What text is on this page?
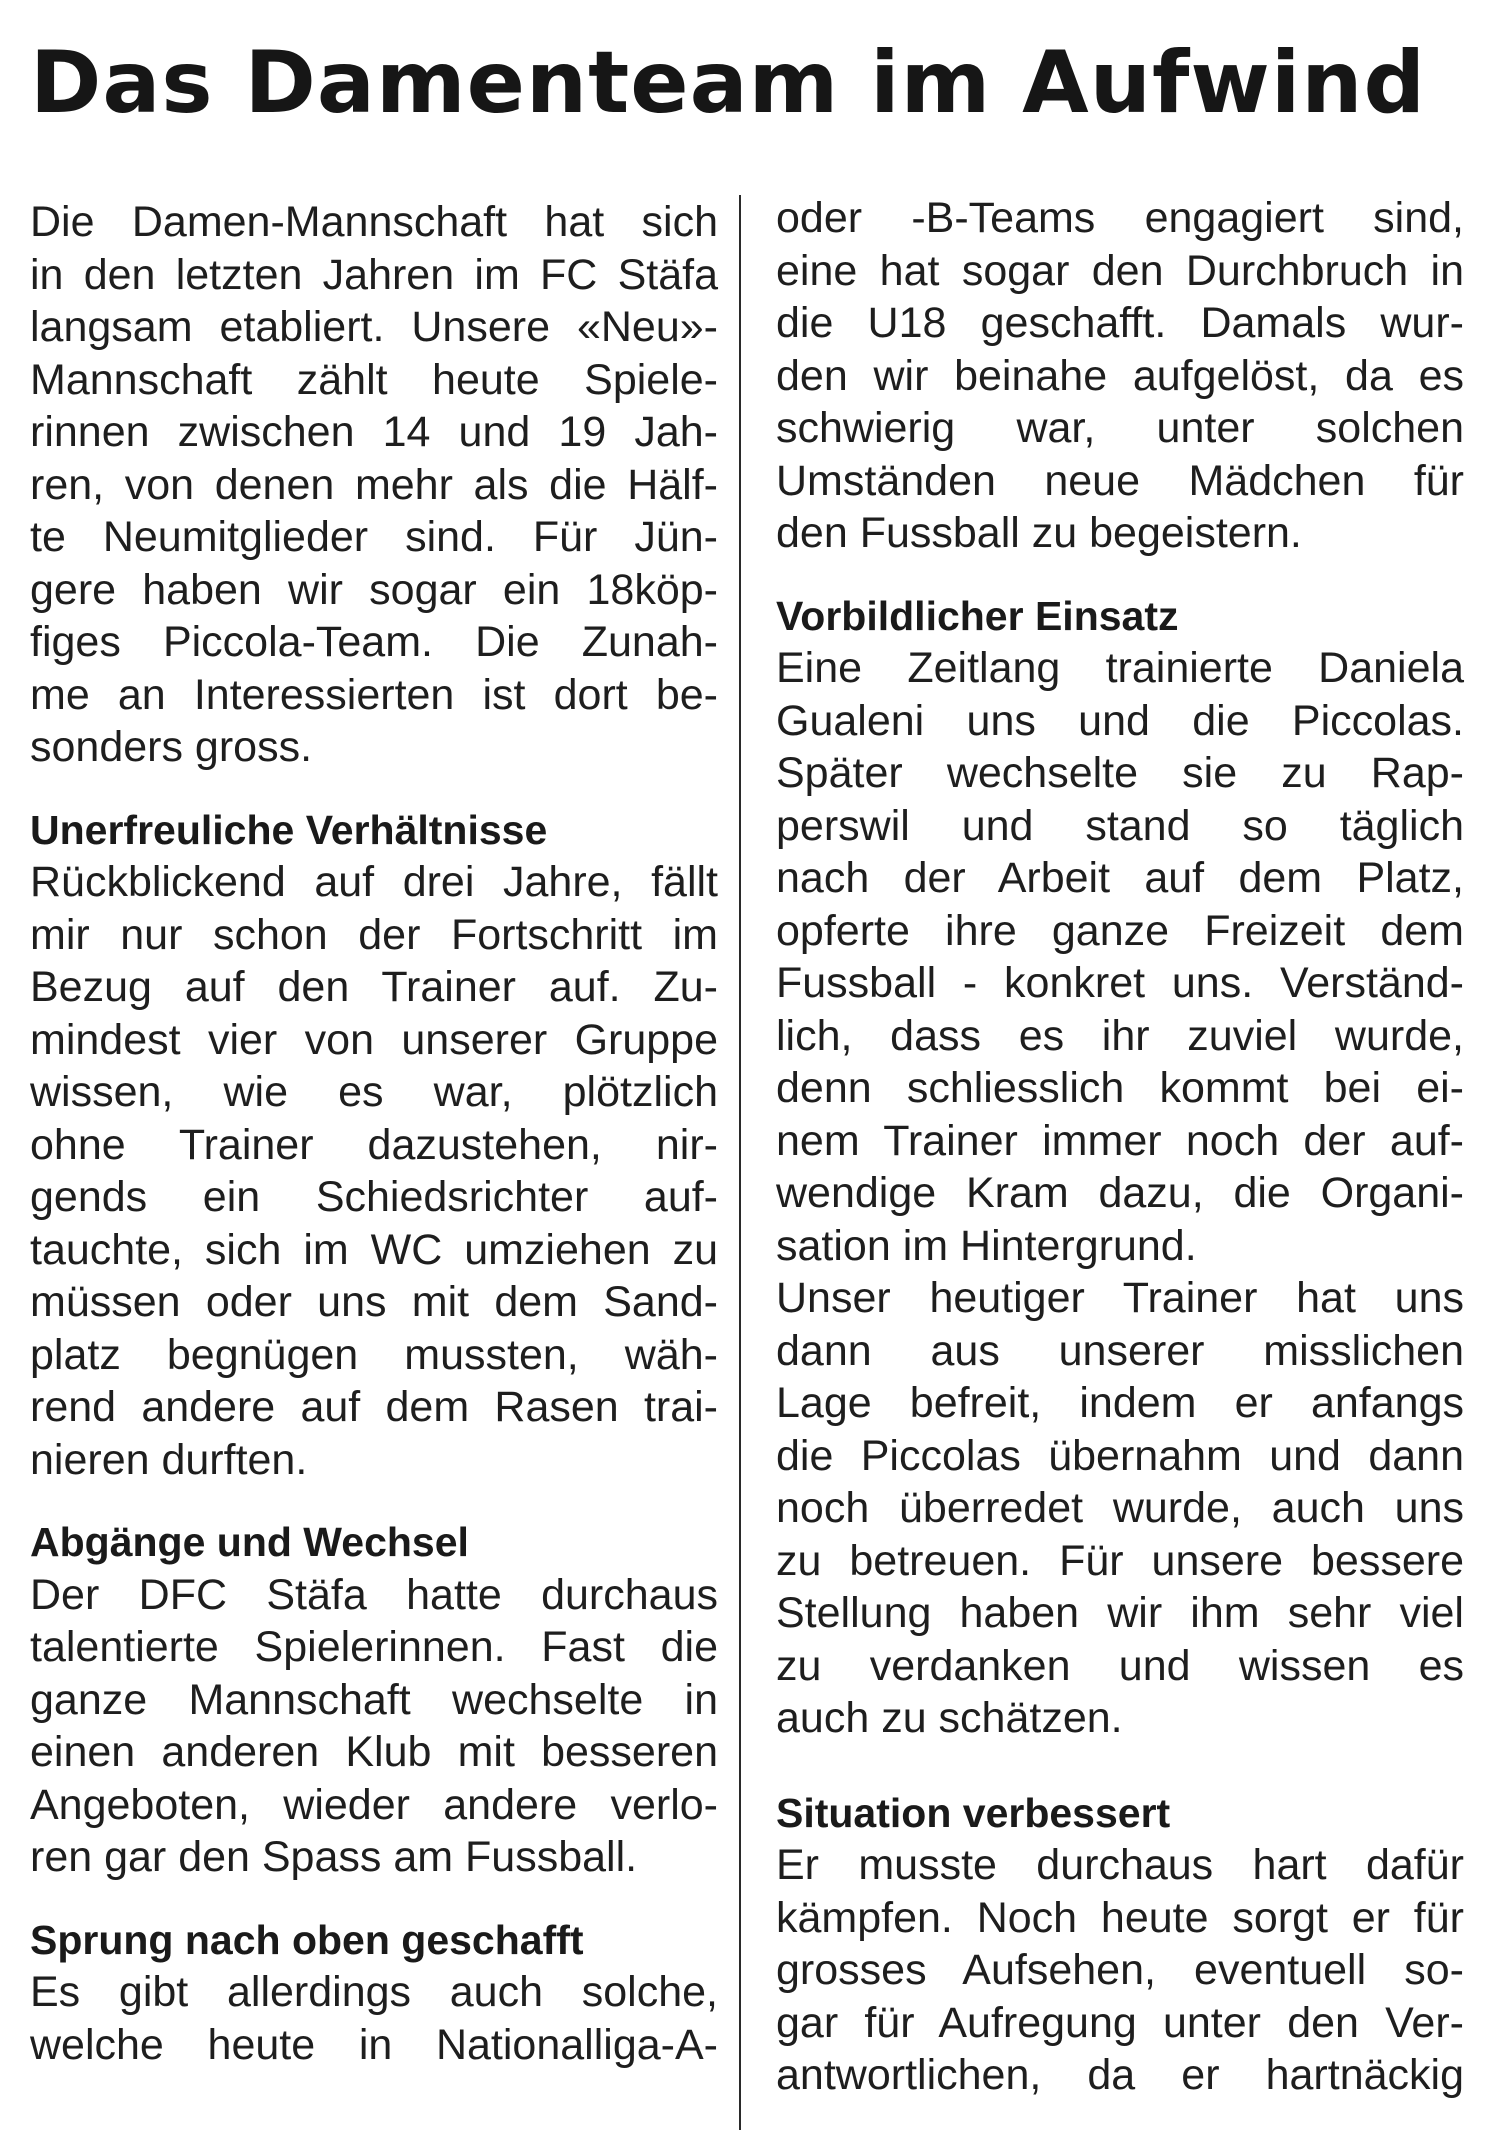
Das Damenteam im Aufwind

Die Damen-Mannschaft hat sich
in den letzten Jahren im FC Stäfa
langsam etabliert. Unsere «Neu»-
Mannschaft zählt heute Spiele-
rinnen zwischen 14 und 19 Jah-
ren, von denen mehr als die Hälf-
te Neumitglieder sind. Für Jün-
gere haben wir sogar ein 18köp-
figes Piccola-Team. Die Zunah-
me an Interessierten ist dort be-
sonders gross.

Unerfreuliche Verhältnisse

Rückblickend auf drei Jahre, fällt
mir nur schon der Fortschritt im
Bezug auf den Trainer auf. Zu-
mindest vier von unserer Gruppe
wissen, wie es war, plötzlich
ohne Trainer dazustehen, nir-
gends ein Schiedsrichter auf-
tauchte, sich im WC umziehen zu
müssen oder uns mit dem Sand-
platz begnügen mussten, wäh-
rend andere auf dem Rasen trai-
nieren durften.

Abgänge und Wechsel

Der DFC Stäfa hatte durchaus
talentierte Spielerinnen. Fast die
ganze Mannschaft wechselte in
einen anderen Klub mit besseren
Angeboten, wieder andere verlo-
ren gar den Spass am Fussball.

Sprung nach oben geschafft

Es gibt allerdings auch solche,
welche heute in Nationalliga-A-

oder -B-Teams engagiert sind,
eine hat sogar den Durchbruch in
die U18 geschafft. Damals wur-
den wir beinahe aufgelöst, da es
schwierig war, unter solchen
Umständen neue Mädchen für
den Fussball zu begeistern.

Vorbildlicher Einsatz

Eine Zeitlang trainierte Daniela
Gualeni uns und die Piccolas.
Später wechselte sie zu Rap-
perswil und stand so täglich
nach der Arbeit auf dem Platz,
opferte ihre ganze Freizeit dem
Fussball - konkret uns. Verständ-
lich, dass es ihr zuviel wurde,
denn schliesslich kommt bei ei-
nem Trainer immer noch der auf-
wendige Kram dazu, die Organi-
sation im Hintergrund.

Unser heutiger Trainer hat uns
dann aus unserer misslichen
Lage befreit, indem er anfangs
die Piccolas übernahm und dann
noch überredet wurde, auch uns
zu betreuen. Für unsere bessere
Stellung haben wir ihm sehr viel
zu verdanken und wissen es
auch zu schätzen.

Situation verbessert

Er musste durchaus hart dafür
kämpfen. Noch heute sorgt er für
grosses Aufsehen, eventuell so-
gar für Aufregung unter den Ver-
antwortlichen, da er hartnäckig
